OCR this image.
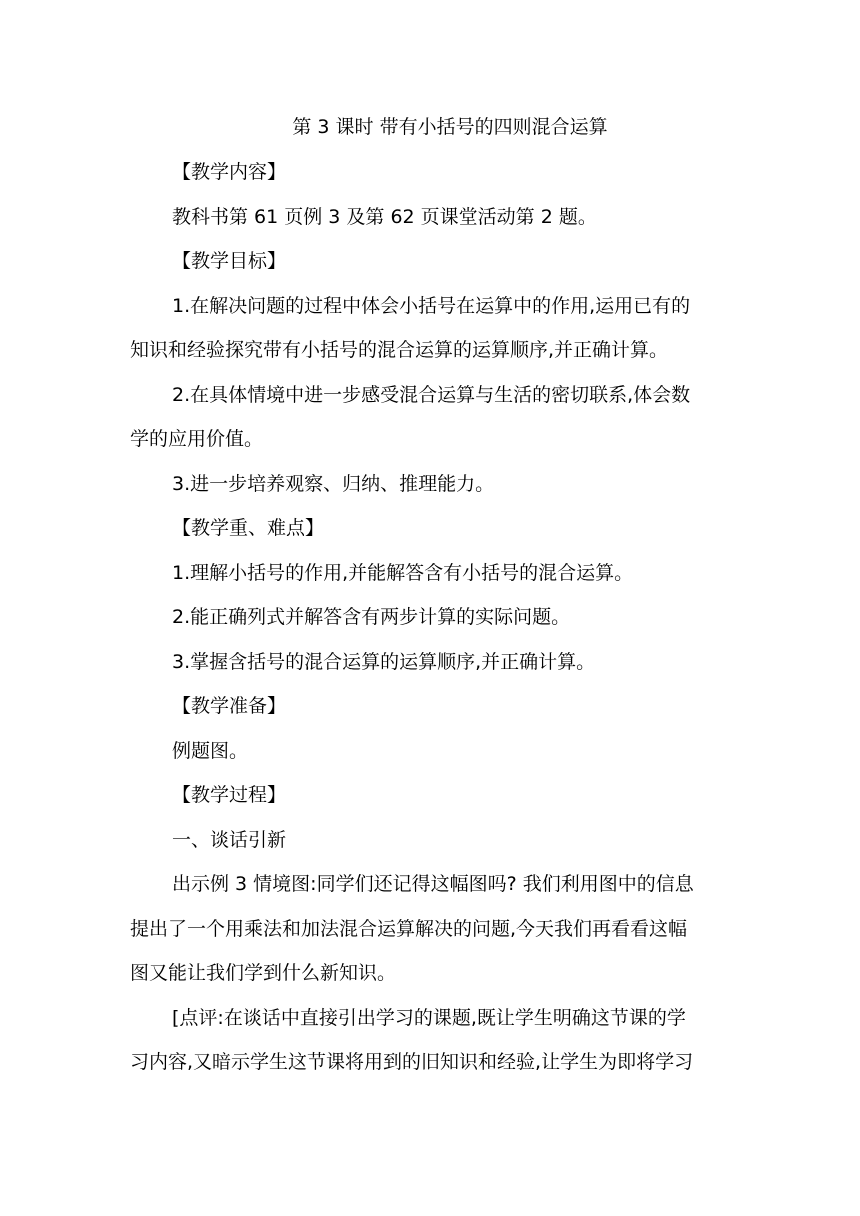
第 3 课时 带有小括号的四则混合运算
【教学内容】
教科书第 61 页例 3 及第 62 页课堂活动第 2 题。
【教学目标】
1.在解决问题的过程中体会小括号在运算中的作用,运用已有的
知识和经验探究带有小括号的混合运算的运算顺序,并正确计算。
2.在具体情境中进一步感受混合运算与生活的密切联系,体会数
学的应用价值。
3.进一步培养观察、归纳、推理能力。
【教学重、难点】
1.理解小括号的作用,并能解答含有小括号的混合运算。
2.能正确列式并解答含有两步计算的实际问题。
3.掌握含括号的混合运算的运算顺序,并正确计算。
【教学准备】
例题图。
【教学过程】
一、谈话引新
出示例 3 情境图:同学们还记得这幅图吗? 我们利用图中的信息
提出了一个用乘法和加法混合运算解决的问题,今天我们再看看这幅
图又能让我们学到什么新知识。
[点评:在谈话中直接引出学习的课题,既让学生明确这节课的学
习内容,又暗示学生这节课将用到的旧知识和经验,让学生为即将学习
